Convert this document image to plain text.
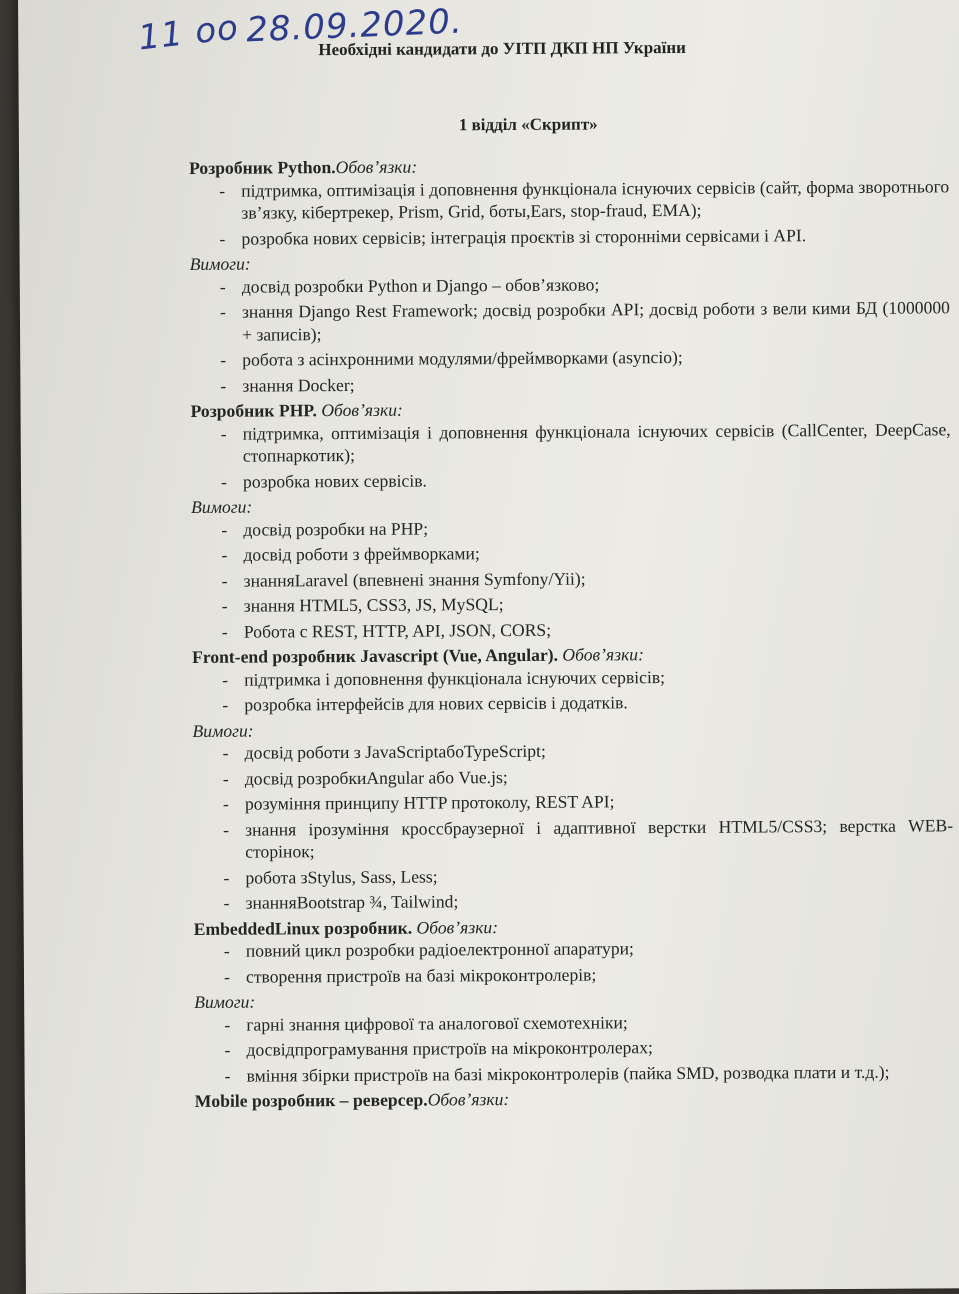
11 oo 28.09.2020.
Необхідні кандидати до УІТП ДКП НП України
1 відділ «Скрипт»

Розробник Python.Обов’язки:

- підтримка, оптимізація і доповнення функціонала існуючих сервісів (сайт, форма зворотнього зв’язку, кібертрекер, Prism, Grid, боты,Ears, stop-fraud, EMA);
- розробка нових сервісів; інтеграція проєктів зі сторонніми сервісами і API.

Вимоги:

- досвід розробки Python и Django – обов’язково;
- знання Django Rest Framework; досвід розробки API; досвід роботи з вели кими БД (1000000 + записів);
- робота з асінхронними модулями/фреймворками (asyncio);
- знання Docker;

Розробник PHP. Обов’язки:

- підтримка, оптимізація і доповнення функціонала існуючих сервісів (CallCenter, DeepCase, стопнаркотик);
- розробка нових сервісів.

Вимоги:

- досвід розробки на PHP;
- досвід роботи з фреймворками;
- знанняLaravel (впевнені знання Symfony/Yii);
- знання HTML5, CSS3, JS, MySQL;
- Робота с REST, HTTP, API, JSON, CORS;

Front-end розробник Javascript (Vue, Angular). Обов’язки:

- підтримка і доповнення функціонала існуючих сервісів;
- розробка інтерфейсів для нових сервісів і додатків.

Вимоги:

- досвід роботи з JavaScriptабоTypeScript;
- досвід розробкиAngular або Vue.js;
- розуміння принципу HTTP протоколу, REST API;
- знання ірозуміння кроссбраузерної і адаптивної верстки HTML5/CSS3; верстка WEB-сторінок;
- робота зStylus, Sass, Less;
- знанняBootstrap ¾, Tailwind;

EmbeddedLinux розробник. Обов’язки:

- повний цикл розробки радіоелектронної апаратури;
- створення пристроїв на базі мікроконтролерів;

Вимоги:

- гарні знання цифрової та аналогової схемотехніки;
- досвідпрограмування пристроїв на мікроконтролерах;
- вміння збірки пристроїв на базі мікроконтролерів (пайка SMD, розводка плати и т.д.);

Mobile розробник – реверсер.Обов’язки:
